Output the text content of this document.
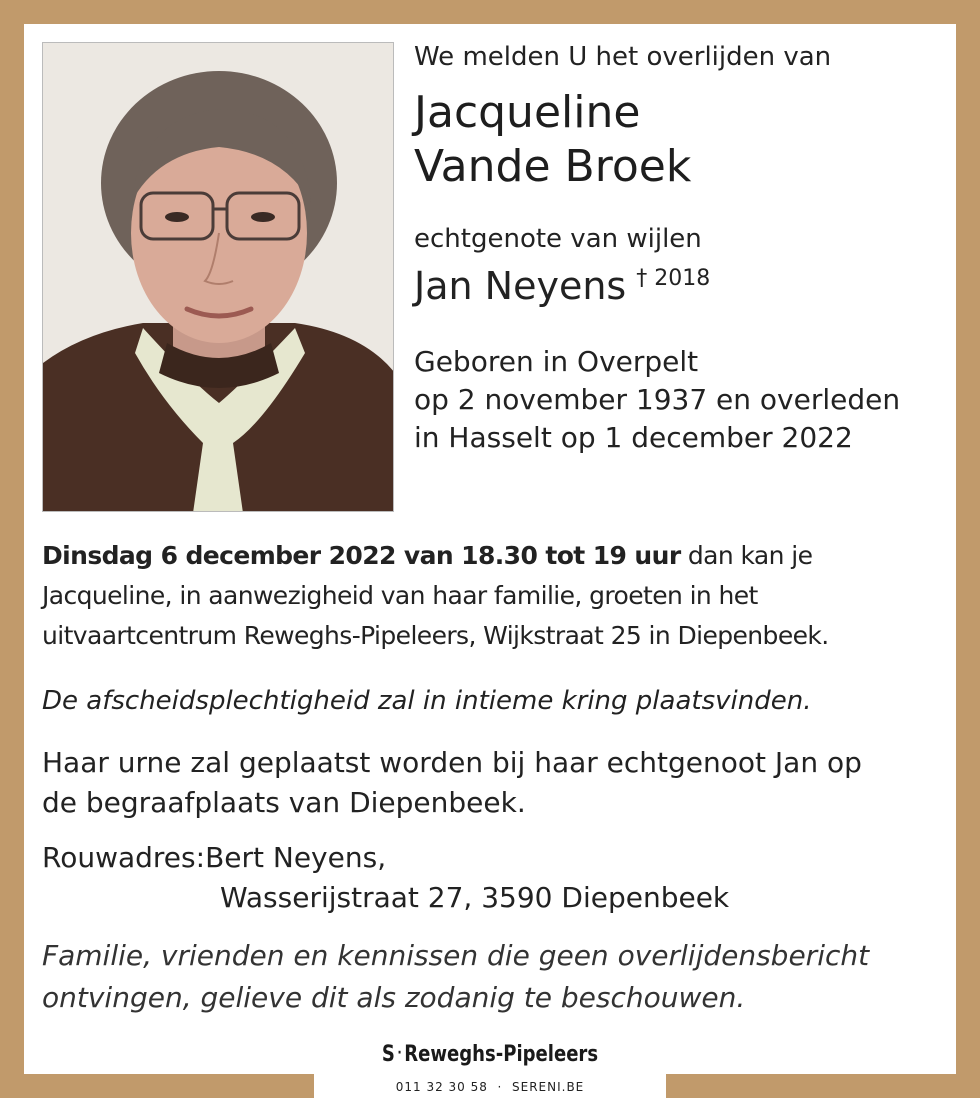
We melden U het overlijden van
Jacqueline
Vande Broek
echtgenote van wijlen
Jan Neyens $^{\dagger 2018}$
Geboren in Overpelt
op 2 november 1937 en overleden
in Hasselt op 1 december 2022
Dinsdag 6 december 2022 van 18.30 tot 19 uur dan kan je
Jacqueline, in aanwezigheid van haar familie, groeten in het
uitvaartcentrum Reweghs-Pipeleers, Wijkstraat 25 in Diepenbeek.
De afscheidsplechtigheid zal in intieme kring plaatsvinden.
Haar urne zal geplaatst worden bij haar echtgenoot Jan op
de begraafplaats van Diepenbeek.
Rouwadres:Bert Neyens,
Wasserijstraat 27, 3590 Diepenbeek
Familie, vrienden en kennissen die geen overlijdensbericht
ontvingen, gelieve dit als zodanig te beschouwen.
S · Reweghs-Pipeleers
011 32 30 58 · SERENI.BE
